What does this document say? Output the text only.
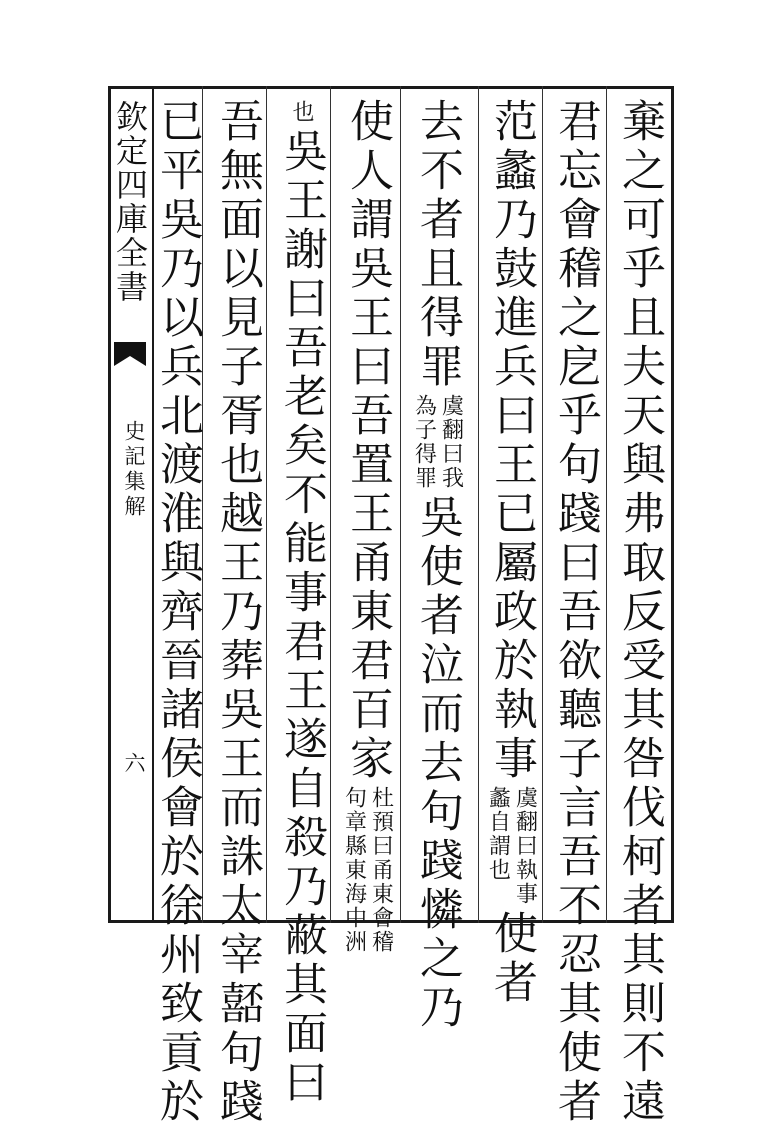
欽定四庫全書
史記集解
六	棄之可乎且夫天與弗取反受其咎伐柯者其則不遠
君忘會稽之戹乎句踐曰吾欲聽子言吾不忍其使者
范蠡乃鼓進兵曰王已屬政於執事
虞翻曰執事
蠡自謂也
使者
去不者且得罪
虞翻曰我
為子得罪
吳使者泣而去句踐憐之乃
使人謂吳王曰吾置王甬東君百家
杜預曰甬東會稽
句章縣東海中洲
也
吳王謝曰吾老矣不能事君王遂自殺乃蔽其面曰
吾無面以見子胥也越王乃葬吳王而誅太宰嚭句踐
已平吳乃以兵北渡淮與齊晉諸侯會於徐州致貢於
